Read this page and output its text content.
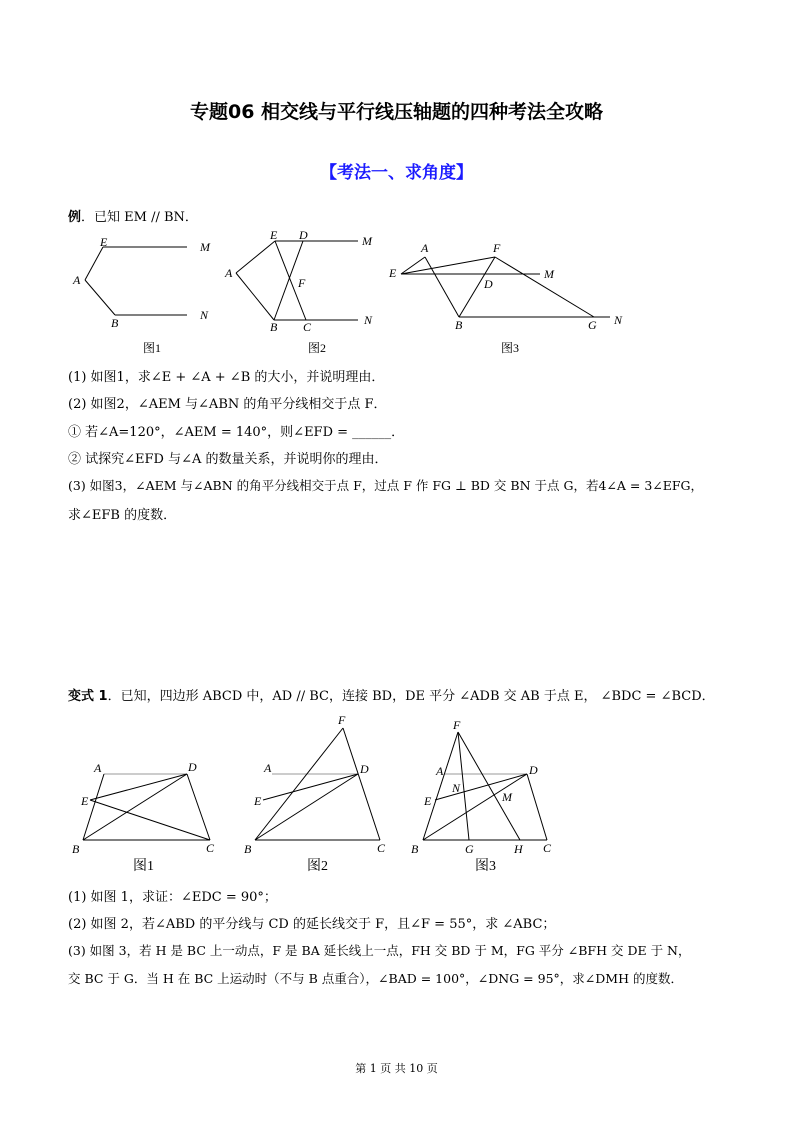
专题06 相交线与平行线压轴题的四种考法全攻略
【考法一、求角度】
例．已知 EM // BN．
E	M
A
B
N
图1
E D	M
A
F
B C	N
图2
A	F
E	M
D
B	G N
图3
A	D
E
B	C
图1
F
A	D
E
B	C
图2
F
A	D
N
M
E
B	G	H C
图3
(1) 如图1，求∠E + ∠A + ∠B 的大小，并说明理由．
(2) 如图2，∠AEM 与∠ABN 的角平分线相交于点 F．
① 若∠A=120°，∠AEM = 140°，则∠EFD = ______．
② 试探究∠EFD 与∠A 的数量关系，并说明你的理由．
(3) 如图3，∠AEM 与∠ABN 的角平分线相交于点 F，过点 F 作 FG ⊥ BD 交 BN 于点 G，若4∠A = 3∠EFG，
求∠EFB 的度数．
变式 1．已知，四边形 ABCD 中，AD // BC，连接 BD，DE 平分 ∠ADB 交 AB 于点 E， ∠BDC = ∠BCD．
(1) 如图 1，求证：∠EDC = 90°；
(2) 如图 2，若∠ABD 的平分线与 CD 的延长线交于 F，且∠F = 55°，求 ∠ABC；
(3) 如图 3，若 H 是 BC 上一动点，F 是 BA 延长线上一点，FH 交 BD 于 M，FG 平分 ∠BFH 交 DE 于 N，
交 BC 于 G．当 H 在 BC 上运动时（不与 B 点重合），∠BAD = 100°，∠DNG = 95°，求∠DMH 的度数．
第 1 页 共 10 页
